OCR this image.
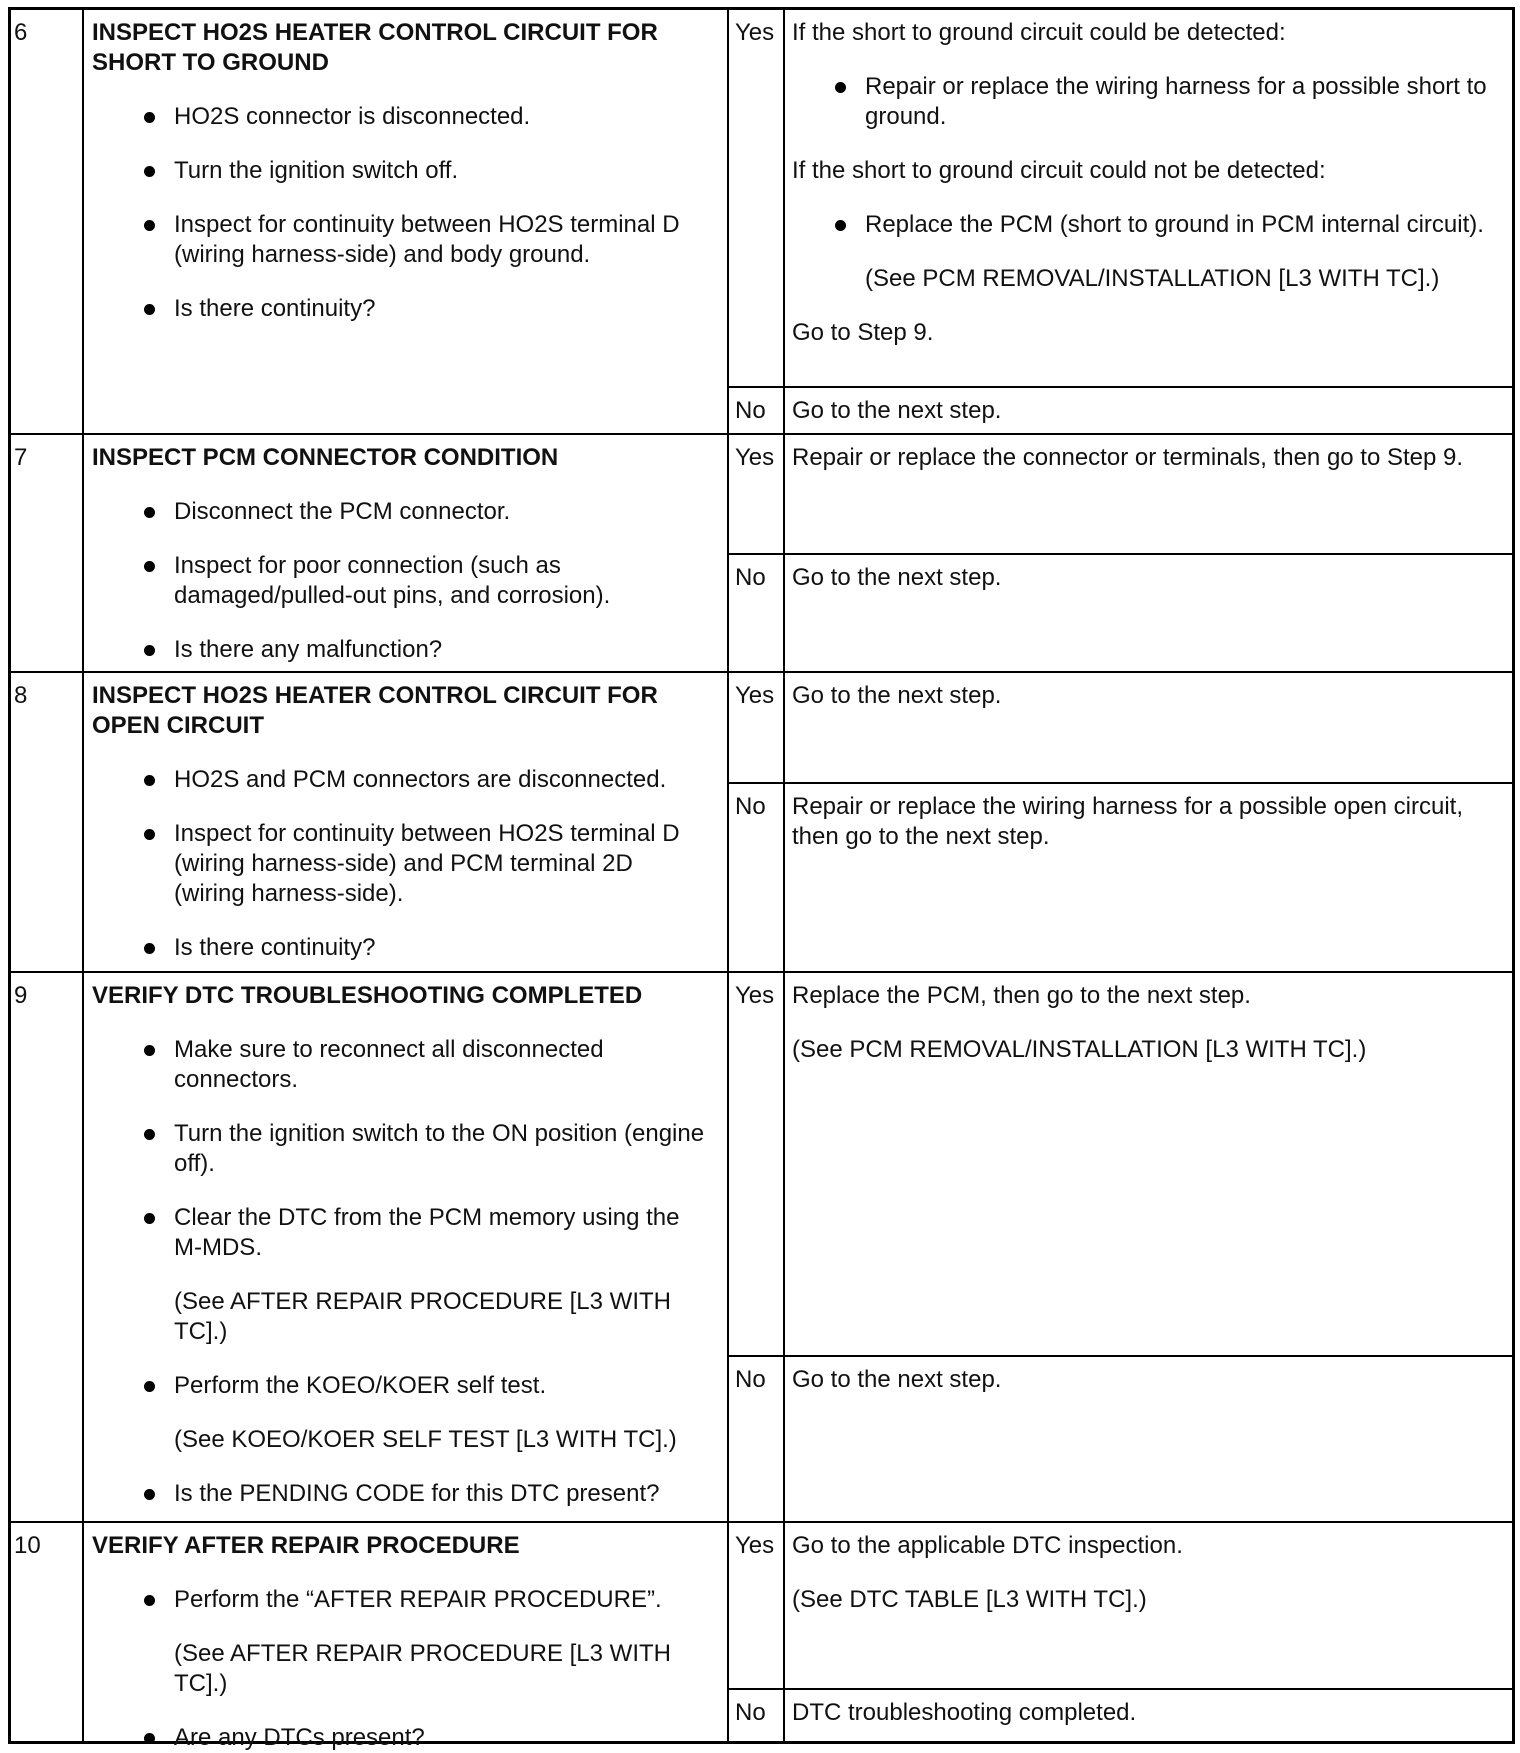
6	INSPECT HO2S HEATER CONTROL CIRCUIT FOR SHORT TO GROUND

HO2S connector is disconnected.
Turn the ignition switch off.
Inspect for continuity between HO2S terminal D (wiring harness-side) and body ground.
Is there continuity?
Yes If the short to ground circuit could be detected:

Repair or replace the wiring harness for a possible short to ground.

If the short to ground circuit could not be detected:

Replace the PCM (short to ground in PCM internal circuit).

(See PCM REMOVAL/INSTALLATION [L3 WITH TC].)

Go to Step 9.

No	Go to the next step.
7	INSPECT PCM CONNECTOR CONDITION

Disconnect the PCM connector.
Inspect for poor connection (such as damaged/pulled-out pins, and corrosion).
Is there any malfunction?
Yes Repair or replace the connector or terminals, then go to Step 9.
No	Go to the next step.
8	INSPECT HO2S HEATER CONTROL CIRCUIT FOR OPEN CIRCUIT

HO2S and PCM connectors are disconnected.
Inspect for continuity between HO2S terminal D (wiring harness-side) and PCM terminal 2D (wiring harness-side).
Is there continuity?
Yes Go to the next step.
No	Repair or replace the wiring harness for a possible open circuit, then go to the next step.
9	VERIFY DTC TROUBLESHOOTING COMPLETED

Make sure to reconnect all disconnected connectors.
Turn the ignition switch to the ON position (engine off).
Clear the DTC from the PCM memory using the M-MDS.
(See AFTER REPAIR PROCEDURE [L3 WITH TC].)
Perform the KOEO/KOER self test.
(See KOEO/KOER SELF TEST [L3 WITH TC].)
Is the PENDING CODE for this DTC present?
Yes Replace the PCM, then go to the next step.

(See PCM REMOVAL/INSTALLATION [L3 WITH TC].)

No	Go to the next step.
10	VERIFY AFTER REPAIR PROCEDURE

Perform the “AFTER REPAIR PROCEDURE”.
(See AFTER REPAIR PROCEDURE [L3 WITH TC].)
Are any DTCs present?
Yes Go to the applicable DTC inspection.

(See DTC TABLE [L3 WITH TC].)

No	DTC troubleshooting completed.
